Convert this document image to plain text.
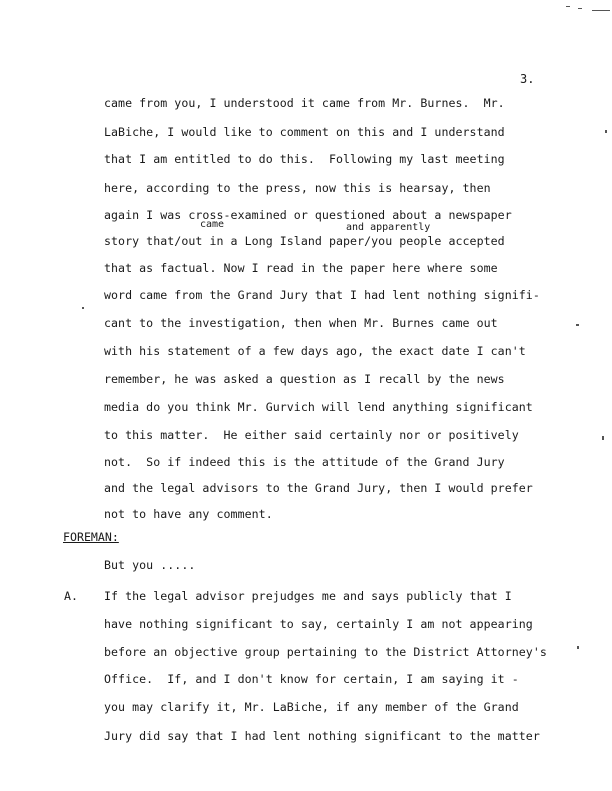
3.
came from you, I understood it came from Mr. Burnes.  Mr.
LaBiche, I would like to comment on this and I understand
that I am entitled to do this.  Following my last meeting
here, according to the press, now this is hearsay, then
again I was cross-examined or questioned about a newspaper
came	and apparently
story that/out in a Long Island paper/you people accepted
that as factual. Now I read in the paper here where some
word came from the Grand Jury that I had lent nothing signifi-
cant to the investigation, then when Mr. Burnes came out
with his statement of a few days ago, the exact date I can't
remember, he was asked a question as I recall by the news
media do you think Mr. Gurvich will lend anything significant
to this matter.  He either said certainly nor or positively
not.  So if indeed this is the attitude of the Grand Jury
and the legal advisors to the Grand Jury, then I would prefer
not to have any comment.
FOREMAN:
But you .....
A. If the legal advisor prejudges me and says publicly that I
have nothing significant to say, certainly I am not appearing
before an objective group pertaining to the District Attorney's
Office.  If, and I don't know for certain, I am saying it -
you may clarify it, Mr. LaBiche, if any member of the Grand
Jury did say that I had lent nothing significant to the matter
